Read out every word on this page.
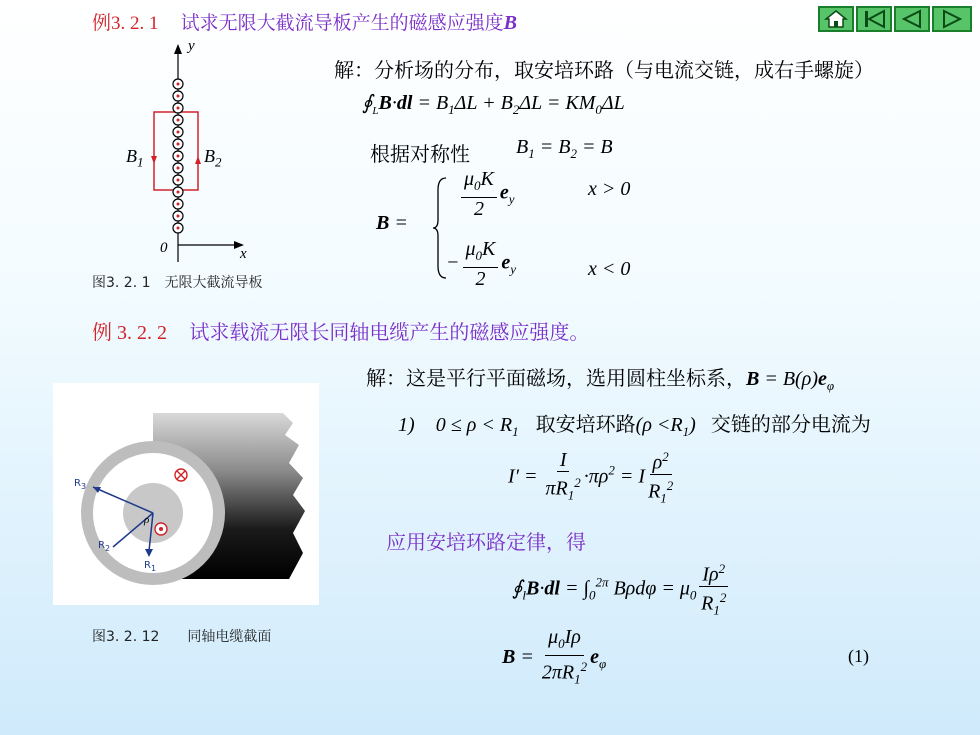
例3. 2. 1 试求无限大截流导板产生的磁感应强度B
y
x
0
$B_1$	$B_2$
图3. 2. 1　无限大截流导板
解：分析场的分布，取安培环路（与电流交链，成右手螺旋）
$∮_LB\cdot dl = B_1\Delta L + B_2\Delta L = KM_0\Delta L$
根据对称性 $B_1 = B_2 = B$
B =
$\frac{\mu_0K}{2} e_y$	x > 0
− $\frac{\mu_0K}{2} e_y$	x < 0
例 3. 2. 2 试求载流无限长同轴电缆产生的磁感应强度。
$R_3$
$R_2$
$R_1$
ρ
图3. 2. 12　　同轴电缆截面
解：这是平行平面磁场，选用圆柱坐标系，$B = B(\rho)e_\varphi$
1) $0 \le \rho < R_1$ 取安培环路$(\rho <R_1)$ 交链的部分电流为
$I' = \frac{I}{\pi R_1^2} \cdot\pi\rho^2 = I \frac{\rho^2}{R_1^2}$
应用安培环路定律，得
$∮_lB\cdot dl = \int_0^{2\pi}$ $B\rho d\varphi = \mu_0 \frac{I\rho^2}{R_1^2}$
$B = \frac{\mu_0I\rho}{2\pi R_1^2} e_\varphi$	(1)
